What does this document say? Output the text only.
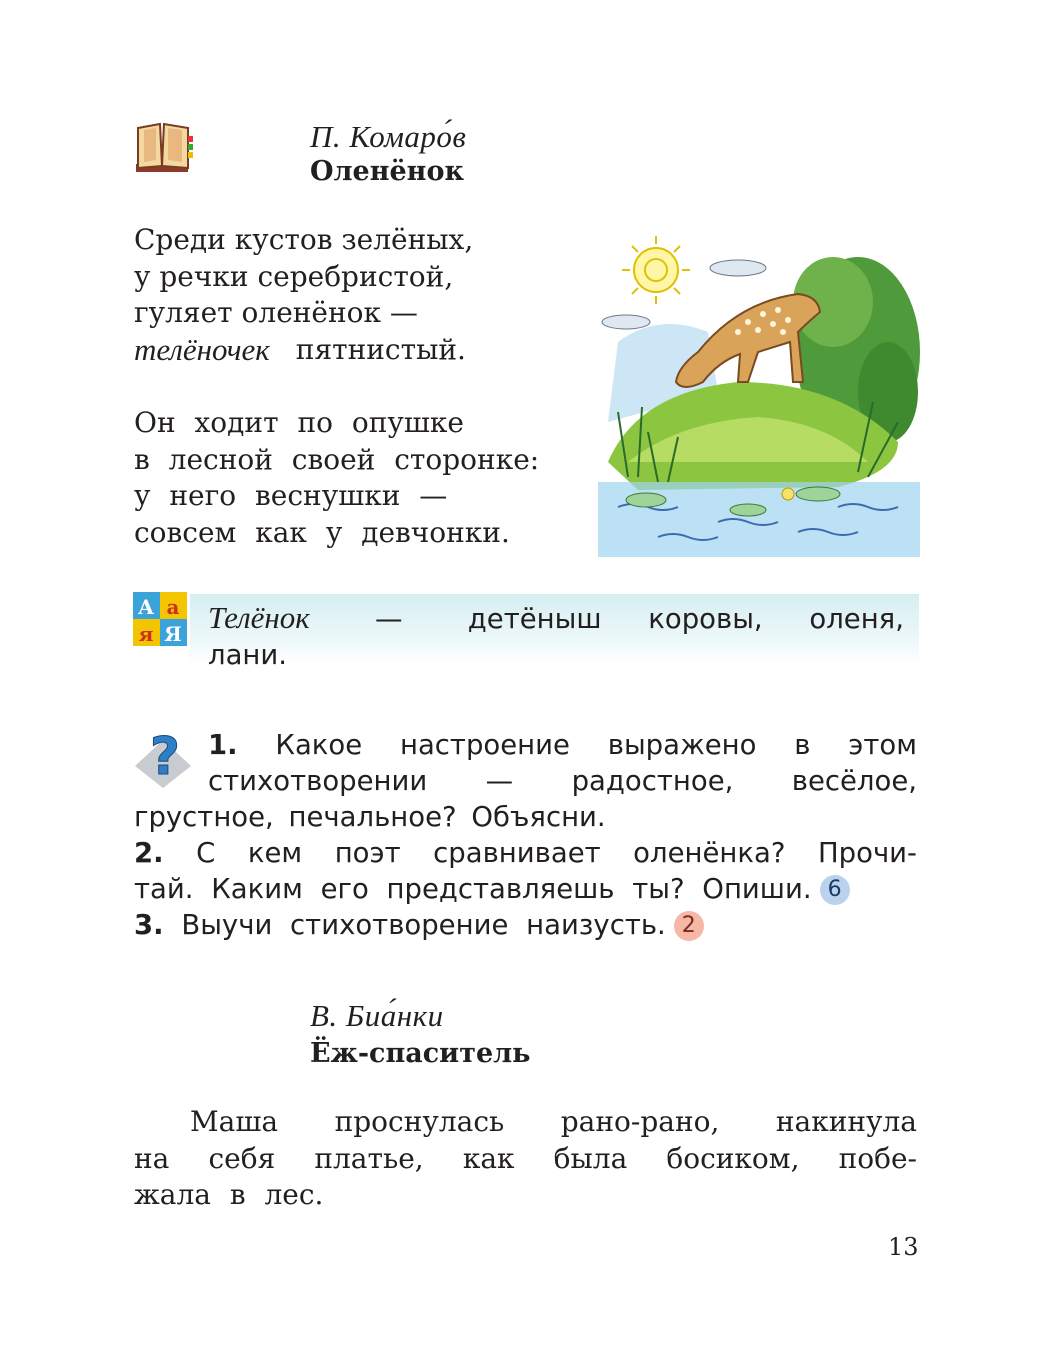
П. Комаро́в
Оленёнок
Среди кустов зелёных,
у речки серебристой,
гуляет оленёнок —
телёночек пятнистый.
Он ходит по опушке
в лесной своей сторонке:
у него веснушки —
совсем как у девчонки.
А а
я Я Телёнок — детёныш коровы, оленя,
лани.
? 1. Какое настроение выражено в этом
стихотворении — радостное, весёлое,
грустное, печальное? Объясни.
2. С кем поэт сравнивает оленёнка? Прочи-
тай. Каким его представляешь ты? Опиши. 6
3. Выучи стихотворение наизусть. 2
В. Биа́нки
Ёж-спаситель
Маша проснулась рано-рано, накинула
на себя платье, как была босиком, побе-
жала в лес.
13
